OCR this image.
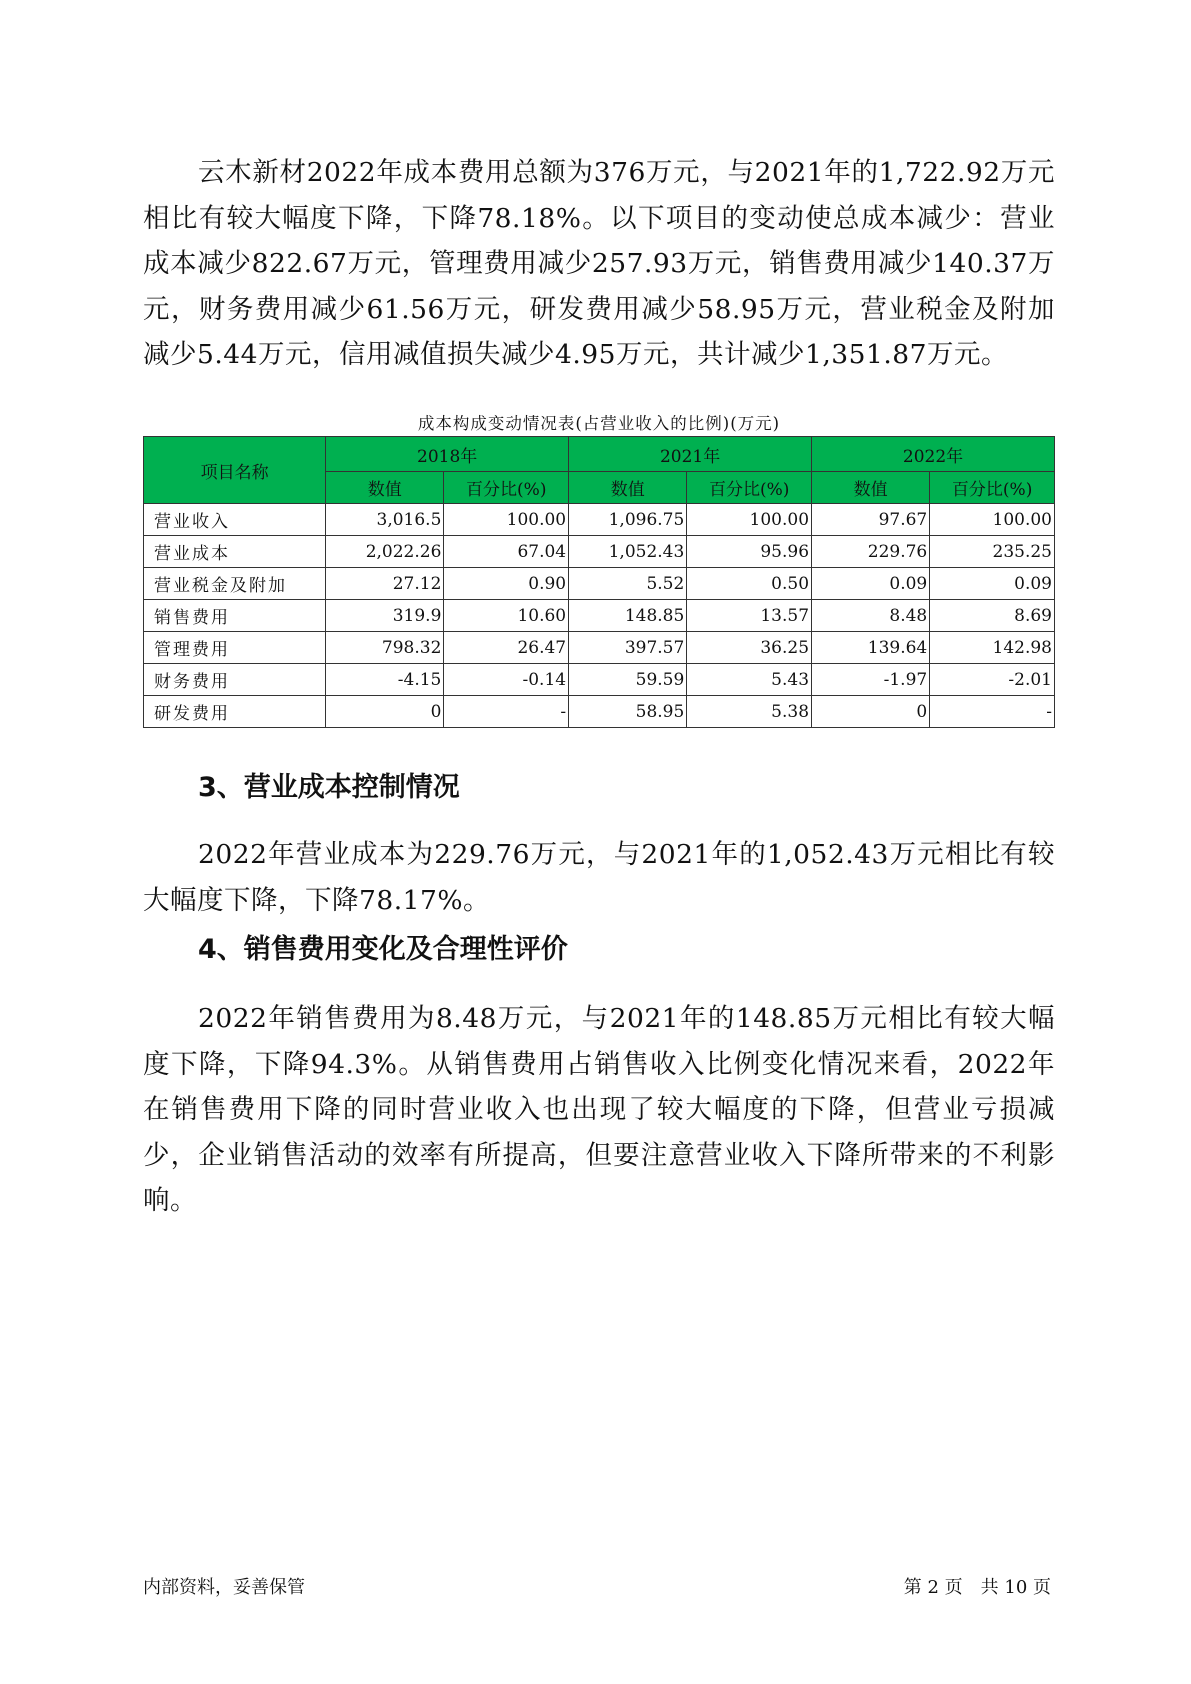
云木新材2022年成本费用总额为376万元，与2021年的1,722.92万元相比有较大幅度下降，下降78.18%。以下项目的变动使总成本减少：营业成本减少822.67万元，管理费用减少257.93万元，销售费用减少140.37万元，财务费用减少61.56万元，研发费用减少58.95万元，营业税金及附加减少5.44万元，信用减值损失减少4.95万元，共计减少1,351.87万元。

成本构成变动情况表(占营业收入的比例)(万元)
项目名称	2018年		2021年		2022年	
	数值	百分比(%)	数值	百分比(%)	数值	百分比(%)
营业收入	3,016.5	100.00	1,096.75	100.00	97.67	100.00
营业成本	2,022.26	67.04	1,052.43	95.96	229.76	235.25
营业税金及附加	27.12	0.90	5.52	0.50	0.09	0.09
销售费用	319.9	10.60	148.85	13.57	8.48	8.69
管理费用	798.32	26.47	397.57	36.25	139.64	142.98
财务费用	-4.15	-0.14	59.59	5.43	-1.97	-2.01
研发费用	0	-	58.95	5.38	0	-
3、营业成本控制情况

2022年营业成本为229.76万元，与2021年的1,052.43万元相比有较大幅度下降，下降78.17%。

4、销售费用变化及合理性评价

2022年销售费用为8.48万元，与2021年的148.85万元相比有较大幅度下降，下降94.3%。从销售费用占销售收入比例变化情况来看，2022年在销售费用下降的同时营业收入也出现了较大幅度的下降，但营业亏损减少，企业销售活动的效率有所提高，但要注意营业收入下降所带来的不利影响。

内部资料，妥善保管	第 2 页　共 10 页
